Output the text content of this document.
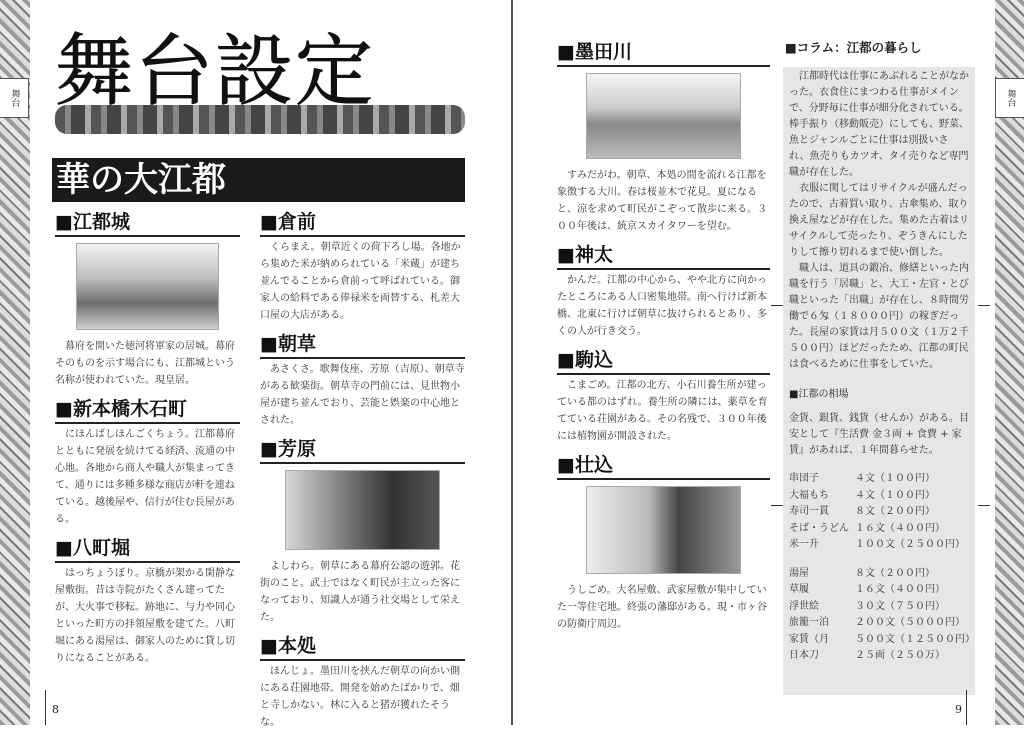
舞台	舞台
舞台設定
華の大江都
■江都城
幕府を開いた徳河将軍家の居城。幕府そのものを示す場合にも、江都城という名称が使われていた。現皇居。
■新本橋木石町
にほんばしほんごくちょう。江都幕府とともに発展を続けてる経済、流通の中心地。各地から商人や職人が集まってきて、通りには多種多様な商店が軒を連ねている。越後屋や、信行が住む長屋がある。
■八町堀
はっちょうぼり。京橋が架かる閑静な屋敷街。昔は寺院がたくさん建ってたが、大火事で移転。跡地に、与力や同心といった町方の拝領屋敷を建てた。八町堀にある湯屋は、御家人のために貸し切りになることがある。
■倉前
くらまえ。朝草近くの荷下ろし場。各地から集めた米が納められている「米蔵」が建ち並んでることから倉前って呼ばれている。御家人の給料である俸禄米を両替する、札差大口屋の大店がある。
■朝草
あさくさ。歌舞伎座、芳原（吉原）、朝草寺がある歓楽街。朝草寺の門前には、見世物小屋が建ち並んでおり、芸能と娯楽の中心地とされた。
■芳原
よしわら。朝草にある幕府公認の遊郭。花街のこと。武士ではなく町民が主立った客になっており、知識人が通う社交場として栄えた。
■本処
ほんじょ。墨田川を挟んだ朝草の向かい側にある荘園地帯。開発を始めたばかりで、畑と寺しかない。林に入ると猪が獲れたそうな。
8
■墨田川
すみだがわ。朝草、本処の間を流れる江都を象徴する大川。春は桜並木で花見。夏になると、涼を求めて町民がこぞって散歩に来る。３００年後は、統京スカイタワーを望む。
■神太
かんだ。江都の中心から、やや北方に向かったところにある人口密集地帯。南へ行けば新本橋、北東に行けば朝草に抜けられるとあり、多くの人が行き交う。
■駒込
こまごめ。江都の北方、小石川養生所が建っている都のはずれ。養生所の隣には、薬草を育てている荘園がある。その名残で、３００年後には植物園が開設された。
■壮込
うしごめ。大名屋敷、武家屋敷が集中していた一等住宅地。終張の藩邸がある。現・市ヶ谷の防衛庁周辺。
■コラム：江都の暮らし

江都時代は仕事にあぶれることがなかった。衣食住にまつわる仕事がメインで、分野毎に仕事が細分化されている。棒手振り（移動販売）にしても、野菜、魚とジャンルごとに仕事は別扱いされ、魚売りもカツオ、タイ売りなど専門職が存在した。

衣服に関してはリサイクルが盛んだったので、古着買い取り、古傘集め、取り換え屋などが存在した。集めた古着はリサイクルして売ったり、ぞうきんにしたりして擦り切れるまで使い倒した。

職人は、道具の鍛冶、修繕といった内職を行う「居職」と、大工・左官・とび職といった「出職」が存在し、８時間労働で６匁（１８０００円）の稼ぎだった。長屋の家賃は月５００文（１万２千５００円）ほどだったため、江都の町民は食べるために仕事をしていた。

■江都の相場

金貨、銀貨、銭貨（せんか）がある。目安として『生活費 金３両 + 食費 + 家賃』があれば、１年間暮らせた。

串団子	４文（１００円）
大福もち	４文（１００円）
寿司一貫	８文（２００円）
そば・うどん １６文（４００円）
米一升	１００文（２５００円）
湯屋	８文（２００円）
草履	１６文（４００円）
浮世絵	３０文（７５０円）
旅籠一泊	２００文（５０００円）
家賃（月	５００文（１２５００円）
日本刀	２５両（２５０万）
9
